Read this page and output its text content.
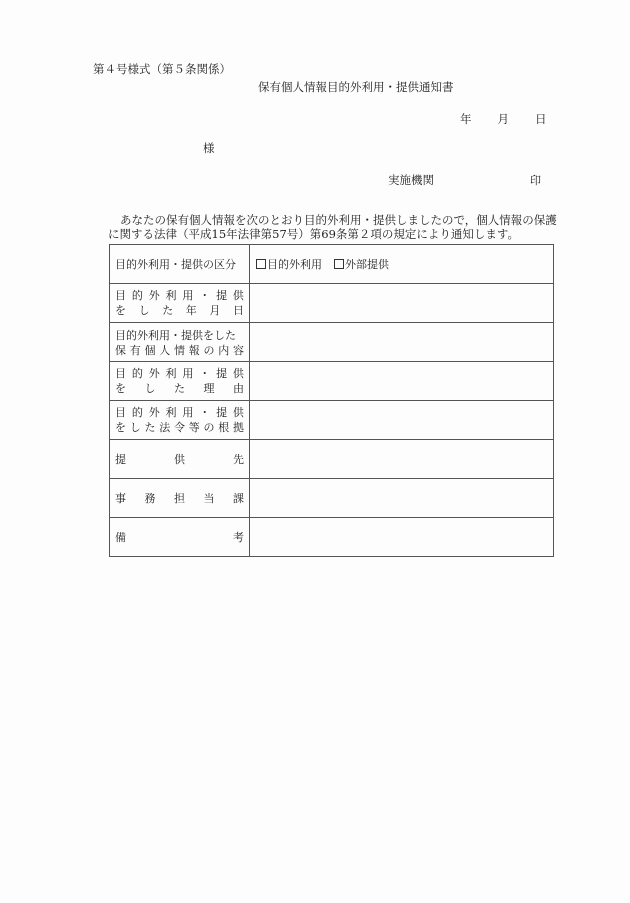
第４号様式（第５条関係）
保有個人情報目的外利用・提供通知書
年 月 日
様
実施機関	印
あなたの保有個人情報を次のとおり目的外利用・提供しましたので，個人情報の保護
に関する法律（平成15年法律第57号）第69条第２項の規定により通知します。
目的外利用・提供の区分	目的外利用 外部提供

目 的 外 利 用 ・ 提 供
を し た 年 月 日

目的外利用・提供をした
保 有 個 人 情 報 の 内 容

目 的 外 利 用 ・ 提 供
を し た 理 由

目 的 外 利 用 ・ 提 供
を し た 法 令 等 の 根 拠

提 供 先	

事 務 担 当 課	

備 考	
